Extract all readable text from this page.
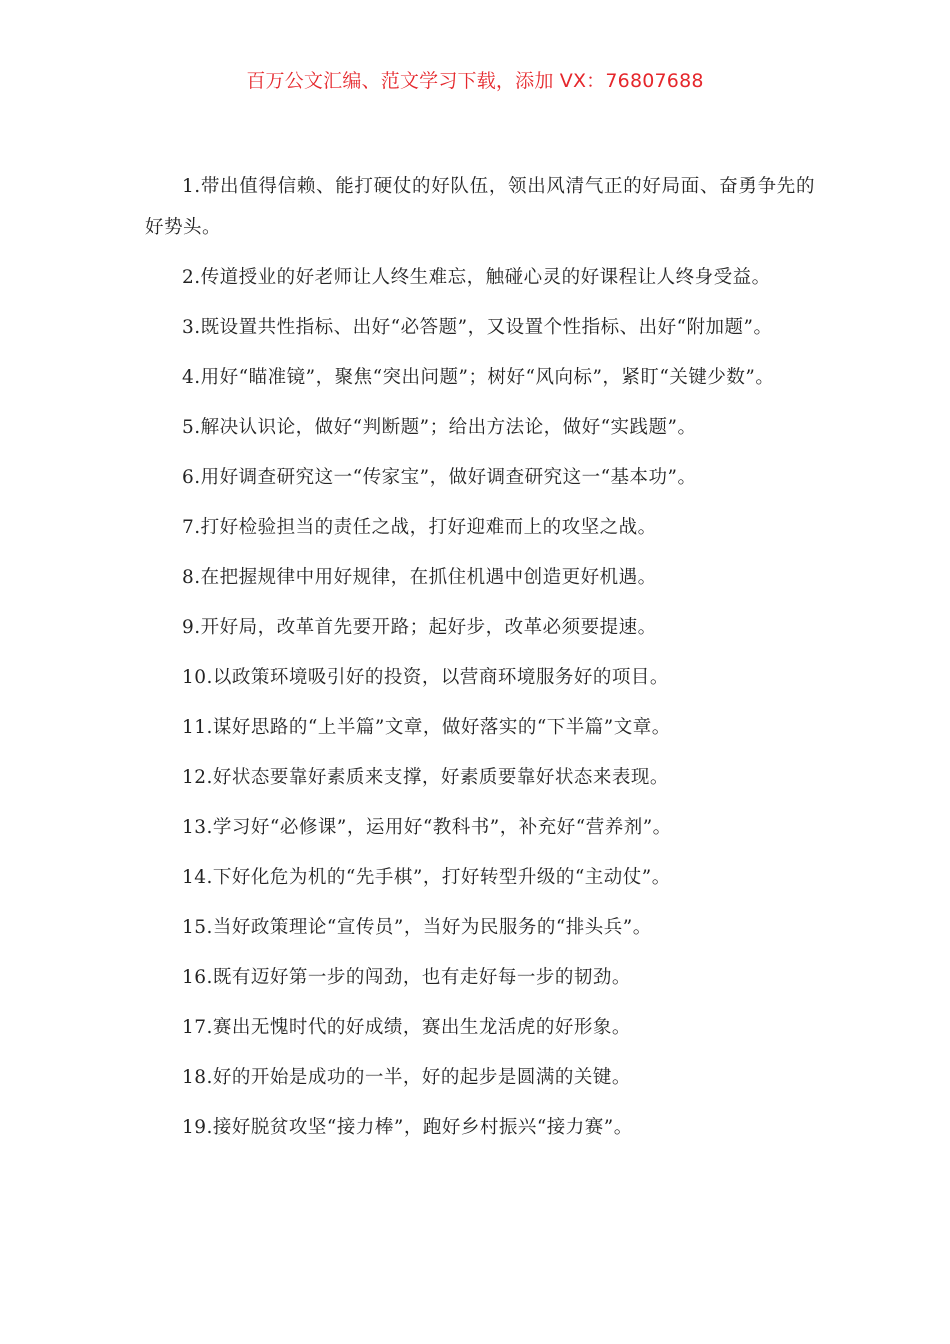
百万公文汇编、范文学习下载，添加 VX：76807688
1.带出值得信赖、能打硬仗的好队伍，领出风清气正的好局面、奋勇争先的好势头。
2.传道授业的好老师让人终生难忘，触碰心灵的好课程让人终身受益。
3.既设置共性指标、出好“必答题”，又设置个性指标、出好“附加题”。
4.用好“瞄准镜”，聚焦“突出问题”；树好“风向标”，紧盯“关键少数”。
5.解决认识论，做好“判断题”；给出方法论，做好“实践题”。
6.用好调查研究这一“传家宝”，做好调查研究这一“基本功”。
7.打好检验担当的责任之战，打好迎难而上的攻坚之战。
8.在把握规律中用好规律，在抓住机遇中创造更好机遇。
9.开好局，改革首先要开路；起好步，改革必须要提速。
10.以政策环境吸引好的投资，以营商环境服务好的项目。
11.谋好思路的“上半篇”文章，做好落实的“下半篇”文章。
12.好状态要靠好素质来支撑，好素质要靠好状态来表现。
13.学习好“必修课”，运用好“教科书”，补充好“营养剂”。
14.下好化危为机的“先手棋”，打好转型升级的“主动仗”。
15.当好政策理论“宣传员”，当好为民服务的“排头兵”。
16.既有迈好第一步的闯劲，也有走好每一步的韧劲。
17.赛出无愧时代的好成绩，赛出生龙活虎的好形象。
18.好的开始是成功的一半，好的起步是圆满的关键。
19.接好脱贫攻坚“接力棒”，跑好乡村振兴“接力赛”。
